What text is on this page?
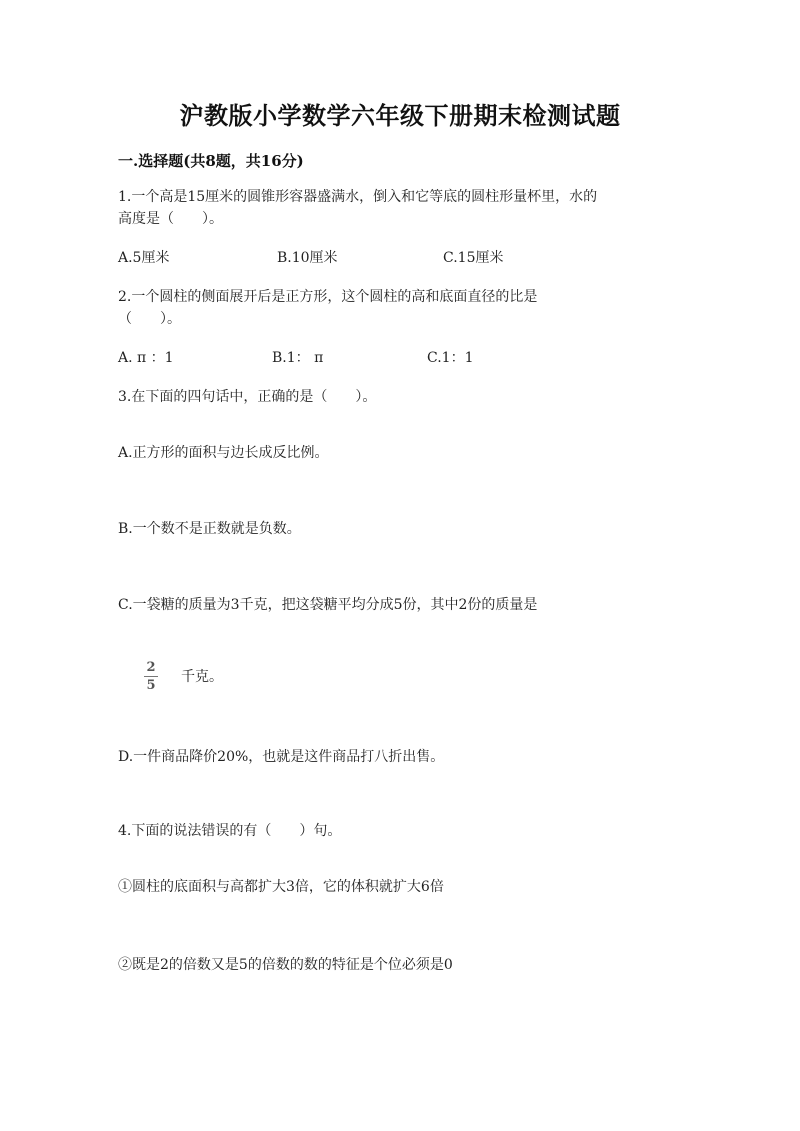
沪教版小学数学六年级下册期末检测试题
一.选择题(共8题，共16分)
1.一个高是15厘米的圆锥形容器盛满水，倒入和它等底的圆柱形量杯里，水的
高度是（　　）。
A.5厘米	B.10厘米	C.15厘米
2.一个圆柱的侧面展开后是正方形，这个圆柱的高和底面直径的比是
（　　）。
A. π ：1	B.1： π	C.1：1
3.在下面的四句话中，正确的是（　　）。
A.正方形的面积与边长成反比例。
B.一个数不是正数就是负数。
C.一袋糖的质量为3千克，把这袋糖平均分成5份，其中2份的质量是
2
5
千克。
D.一件商品降价20%，也就是这件商品打八折出售。
4.下面的说法错误的有（　　）句。
①圆柱的底面积与高都扩大3倍，它的体积就扩大6倍
②既是2的倍数又是5的倍数的数的特征是个位必须是0
